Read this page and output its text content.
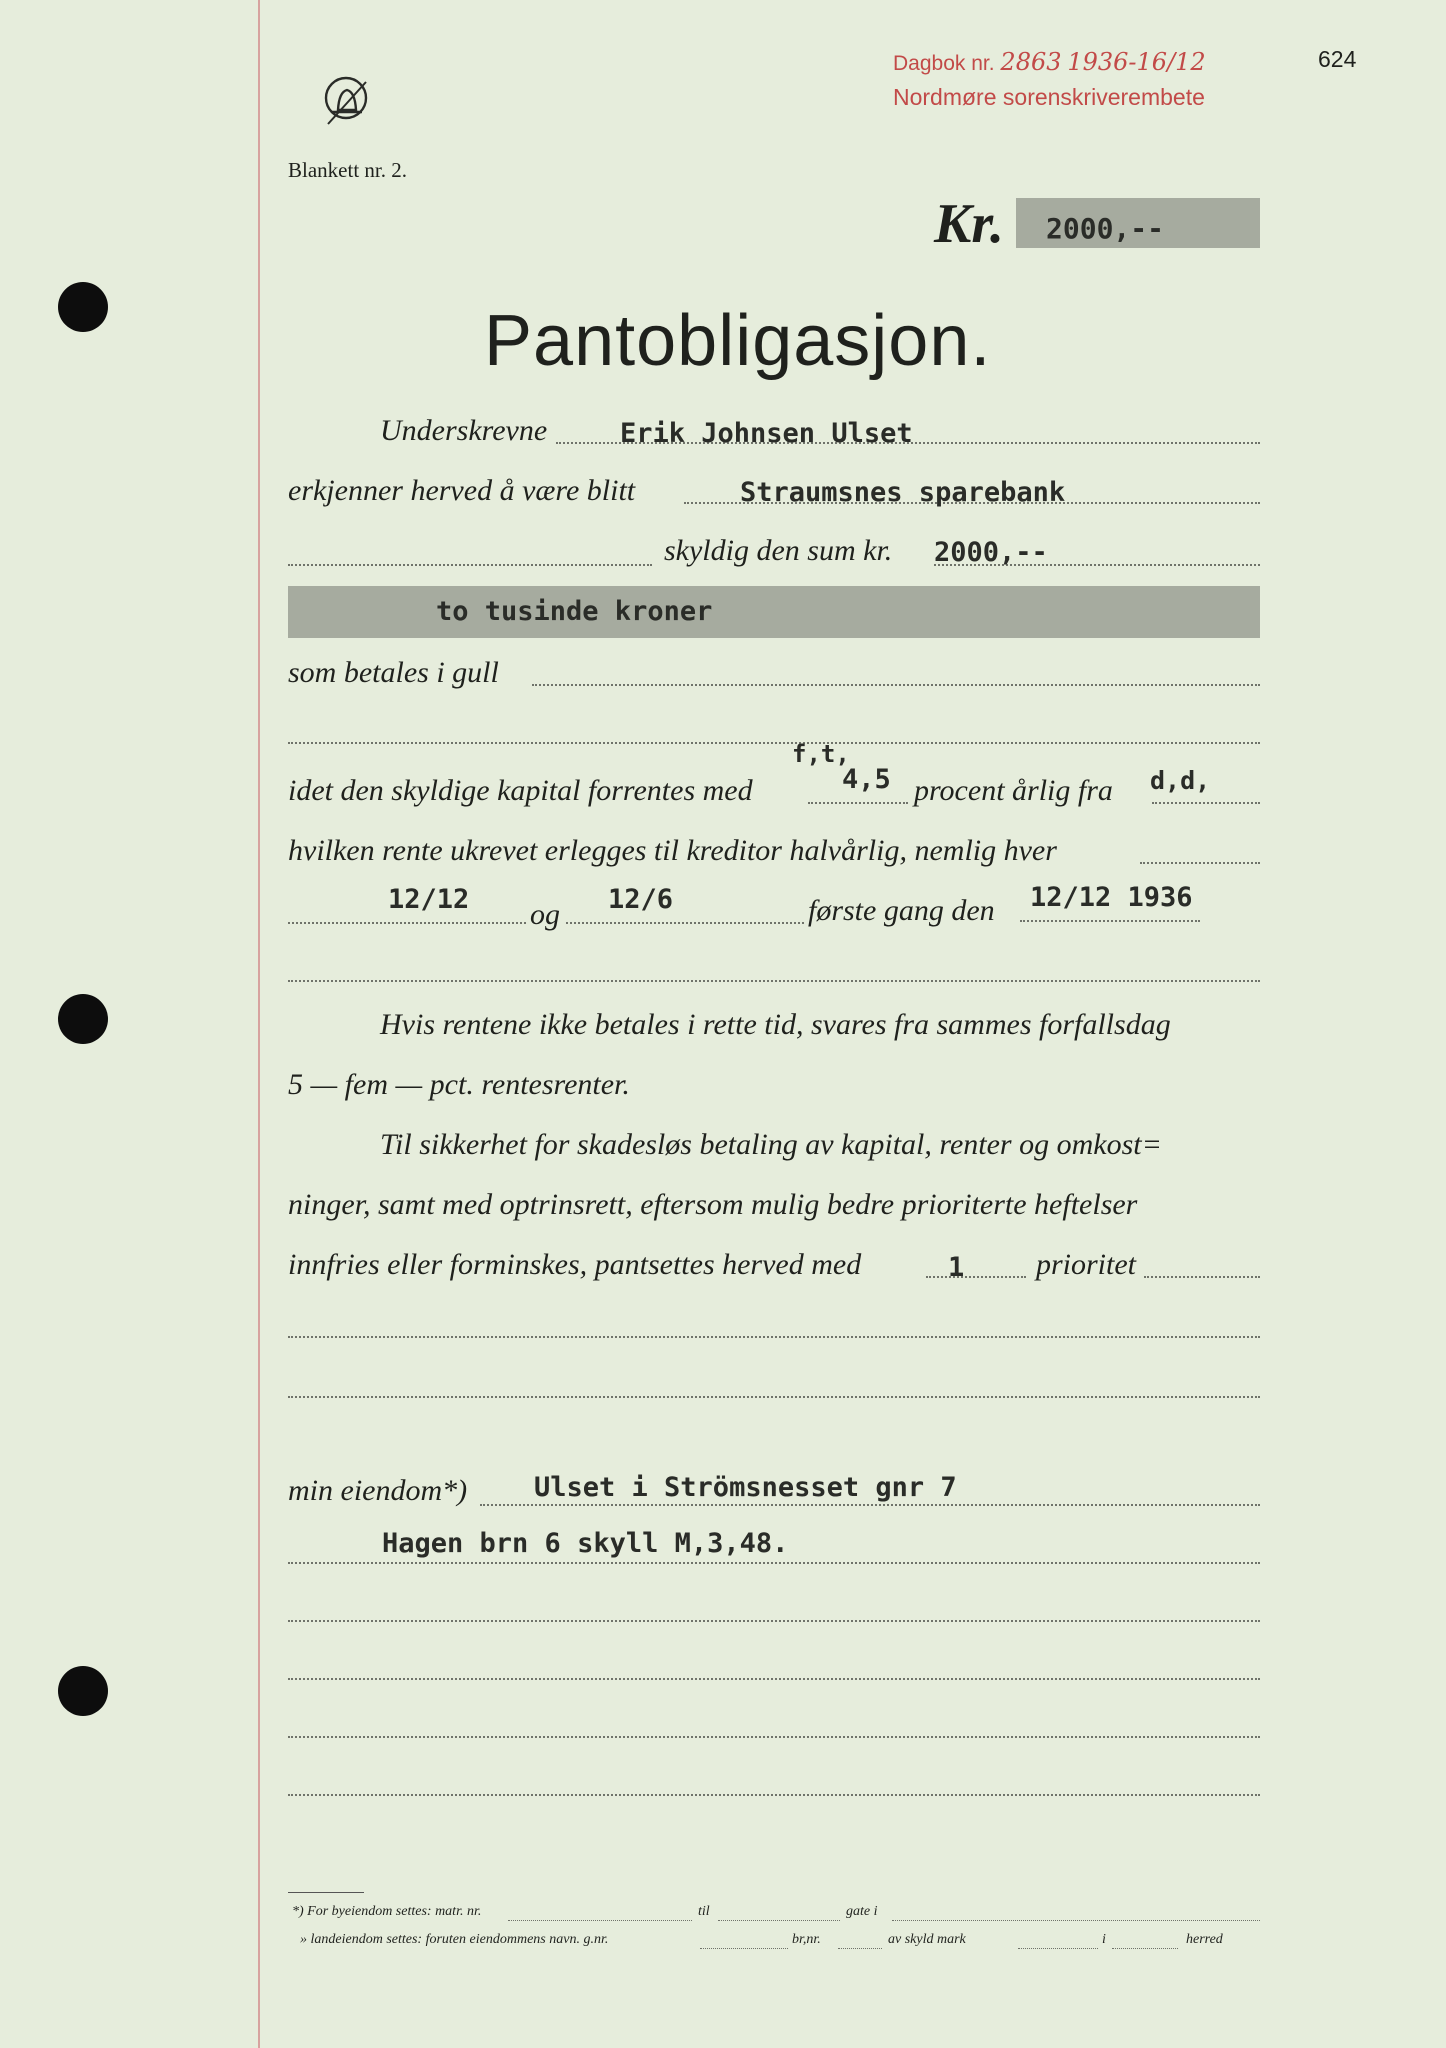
Dagbok nr. 2863 1936-16/12
Nordmøre sorenskriverembete
624
Blankett nr. 2.
Kr. 2000,--
Pantobligasjon.
Underskrevne	Erik Johnsen Ulset
erkjenner herved å være blitt	Straumsnes sparebank
skyldig den sum kr. 2000,--
to tusinde kroner
som betales i gull
f,t,
idet den skyldige kapital forrentes med	4,5 procent årlig fra d,d,
hvilken rente ukrevet erlegges til kreditor halvårlig, nemlig hver
12/12 og 12/6	første gang den 12/12 1936
Hvis rentene ikke betales i rette tid, svares fra sammes forfallsdag
5 — fem — pct. rentesrenter.
Til sikkerhet for skadesløs betaling av kapital, renter og omkost=
ninger, samt med optrinsrett, eftersom mulig bedre prioriterte heftelser
innfries eller forminskes, pantsettes herved med	1 prioritet
min eiendom*) Ulset i Strömsnesset gnr 7
Hagen brn 6 skyll M,3,48.
*) For byeiendom settes: matr. nr.	til	gate i
» landeiendom settes: foruten eiendommens navn. g.nr.	br,nr.	av skyld mark	i	herred
